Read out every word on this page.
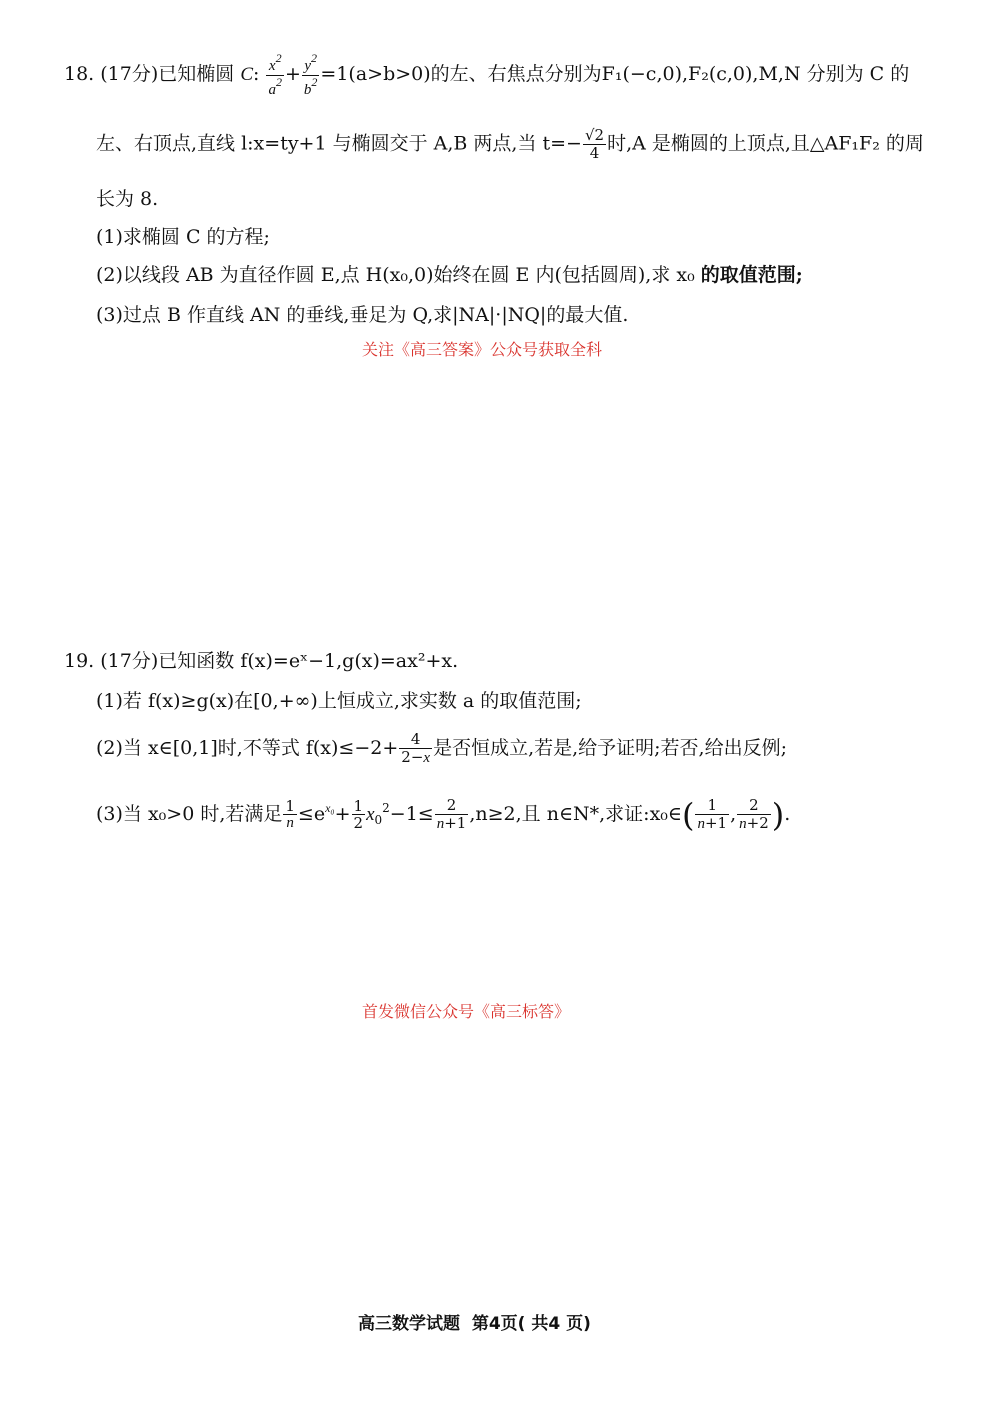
18. (17分)已知椭圆 C: $\frac{x^2}{a^2} + \frac{y^2}{b^2} =1(a>b>0)$的左、右焦点分别为F₁(−c,0),F₂(c,0),M,N 分别为 C 的
左、右顶点,直线 l:x=ty+1 与椭圆交于 A,B 两点,当 $t=- \frac{√2}{4}$ 时,A 是椭圆的上顶点,且△AF₁F₂ 的周
长为 8.
(1)求椭圆 C 的方程;
(2)以线段 AB 为直径作圆 E,点 H(x₀,0)始终在圆 E 内(包括圆周),求 x₀ 的取值范围;
(3)过点 B 作直线 AN 的垂线,垂足为 Q,求|NA|·|NQ|的最大值.
关注《高三答案》公众号获取全科
19. (17分)已知函数 f(x)=eˣ−1,g(x)=ax²+x.
(1)若 f(x)≥g(x)在[0,+∞)上恒成立,求实数 a 的取值范围;
(2)当 x∈[0,1]时,不等式 $f(x)\le-2+ \frac{4}{2-x}$ 是否恒成立,若是,给予证明;若否,给出反例;
(3)当 x₀>0 时,若满足 $\frac{1}{n} \le e^{x_0}+ \frac{1}{2} x_0^2-1\le \frac{2}{n+1} ,n\ge 2$,且 n∈N*,求证:x₀∈( $\frac{1}{n+1}$ , $\frac{2}{n+2}$ ).
首发微信公众号《高三标答》
高三数学试题 第4页( 共4 页)
